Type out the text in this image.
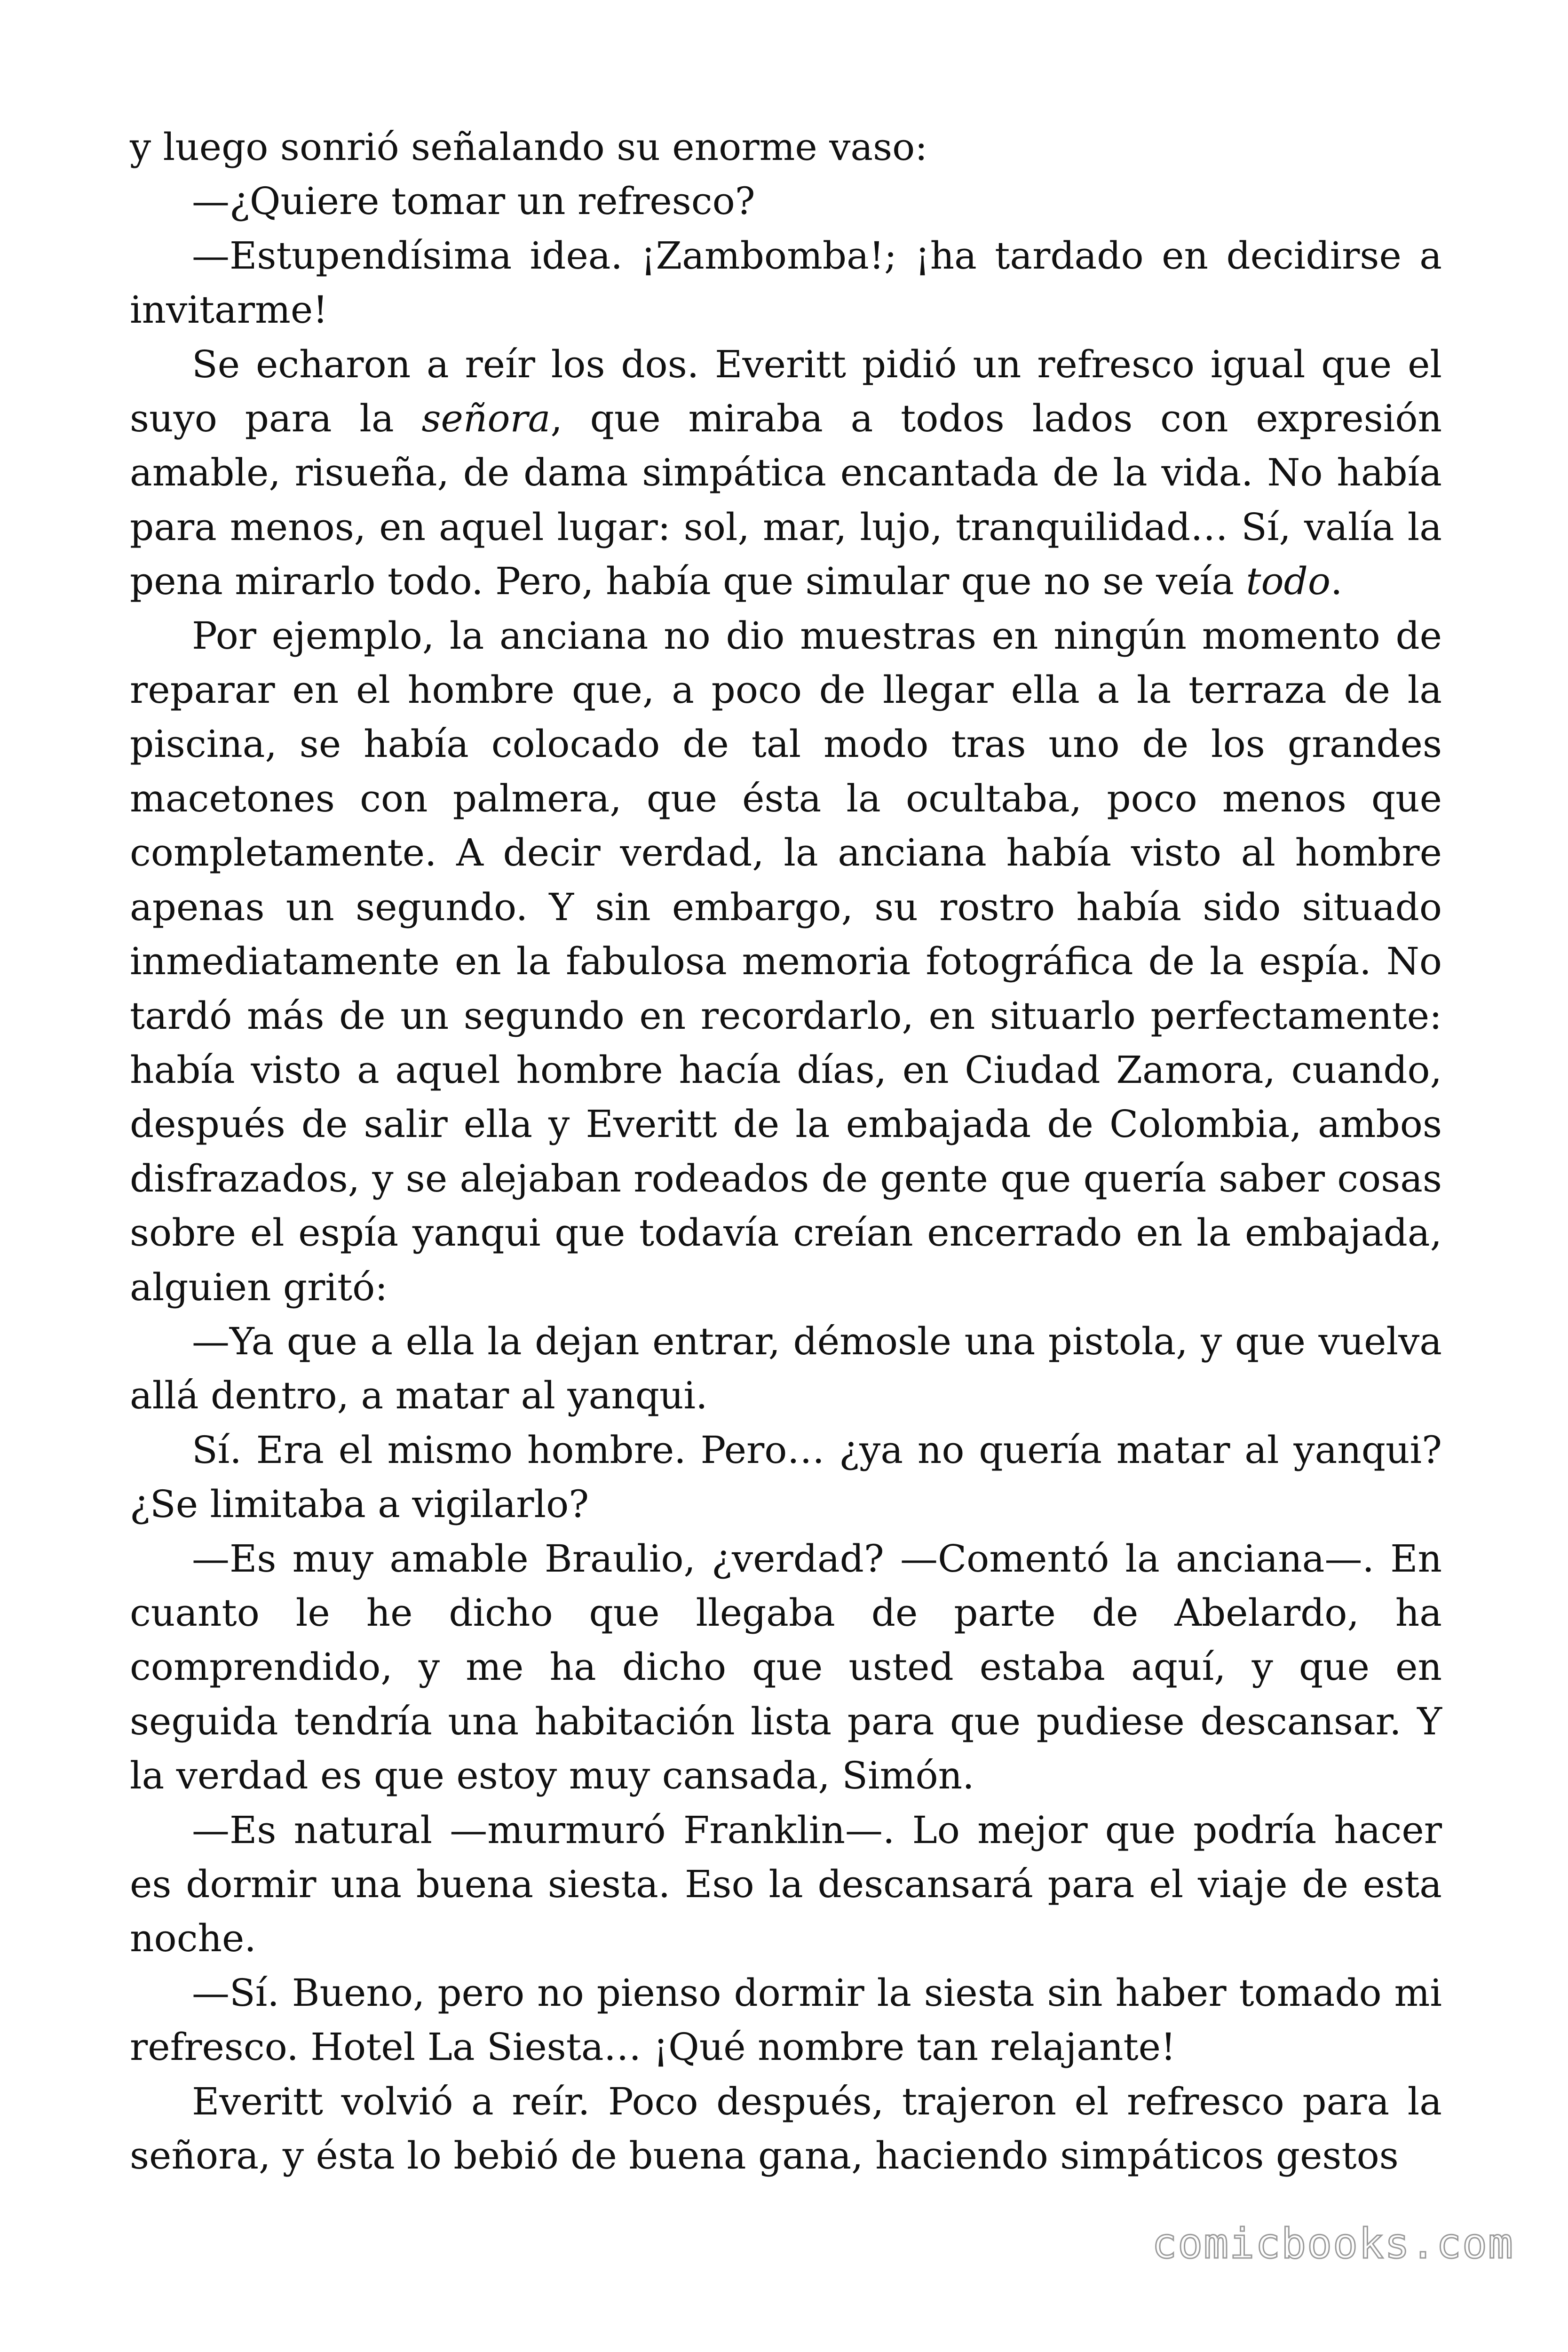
y luego sonrió señalando su enorme vaso:

—¿Quiere tomar un refresco?

—Estupendísima idea. ¡Zambomba!; ¡ha tardado en decidirse a invitarme!

Se echaron a reír los dos. Everitt pidió un refresco igual que el suyo para la señora, que miraba a todos lados con expresión amable, risueña, de dama simpática encantada de la vida. No había para menos, en aquel lugar: sol, mar, lujo, tranquilidad… Sí, valía la pena mirarlo todo. Pero, había que simular que no se veía todo.

Por ejemplo, la anciana no dio muestras en ningún momento de reparar en el hombre que, a poco de llegar ella a la terraza de la piscina, se había colocado de tal modo tras uno de los grandes macetones con palmera, que ésta la ocultaba, poco menos que completamente. A decir verdad, la anciana había visto al hombre apenas un segundo. Y sin embargo, su rostro había sido situado inmediatamente en la fabulosa memoria fotográfica de la espía. No tardó más de un segundo en recordarlo, en situarlo perfectamente: había visto a aquel hombre hacía días, en Ciudad Zamora, cuando, después de salir ella y Everitt de la embajada de Colombia, ambos disfrazados, y se alejaban rodeados de gente que quería saber cosas sobre el espía yanqui que todavía creían encerrado en la embajada, alguien gritó:

—Ya que a ella la dejan entrar, démosle una pistola, y que vuelva allá dentro, a matar al yanqui.

Sí. Era el mismo hombre. Pero… ¿ya no quería matar al yanqui? ¿Se limitaba a vigilarlo?

—Es muy amable Braulio, ¿verdad? —Comentó la anciana—. En cuanto le he dicho que llegaba de parte de Abelardo, ha comprendido, y me ha dicho que usted estaba aquí, y que en seguida tendría una habitación lista para que pudiese descansar. Y la verdad es que estoy muy cansada, Simón.

—Es natural —murmuró Franklin—. Lo mejor que podría hacer es dormir una buena siesta. Eso la descansará para el viaje de esta noche.

—Sí. Bueno, pero no pienso dormir la siesta sin haber tomado mi refresco. Hotel La Siesta… ¡Qué nombre tan relajante!

Everitt volvió a reír. Poco después, trajeron el refresco para la señora, y ésta lo bebió de buena gana, haciendo simpáticos gestos

comicbooks.com
